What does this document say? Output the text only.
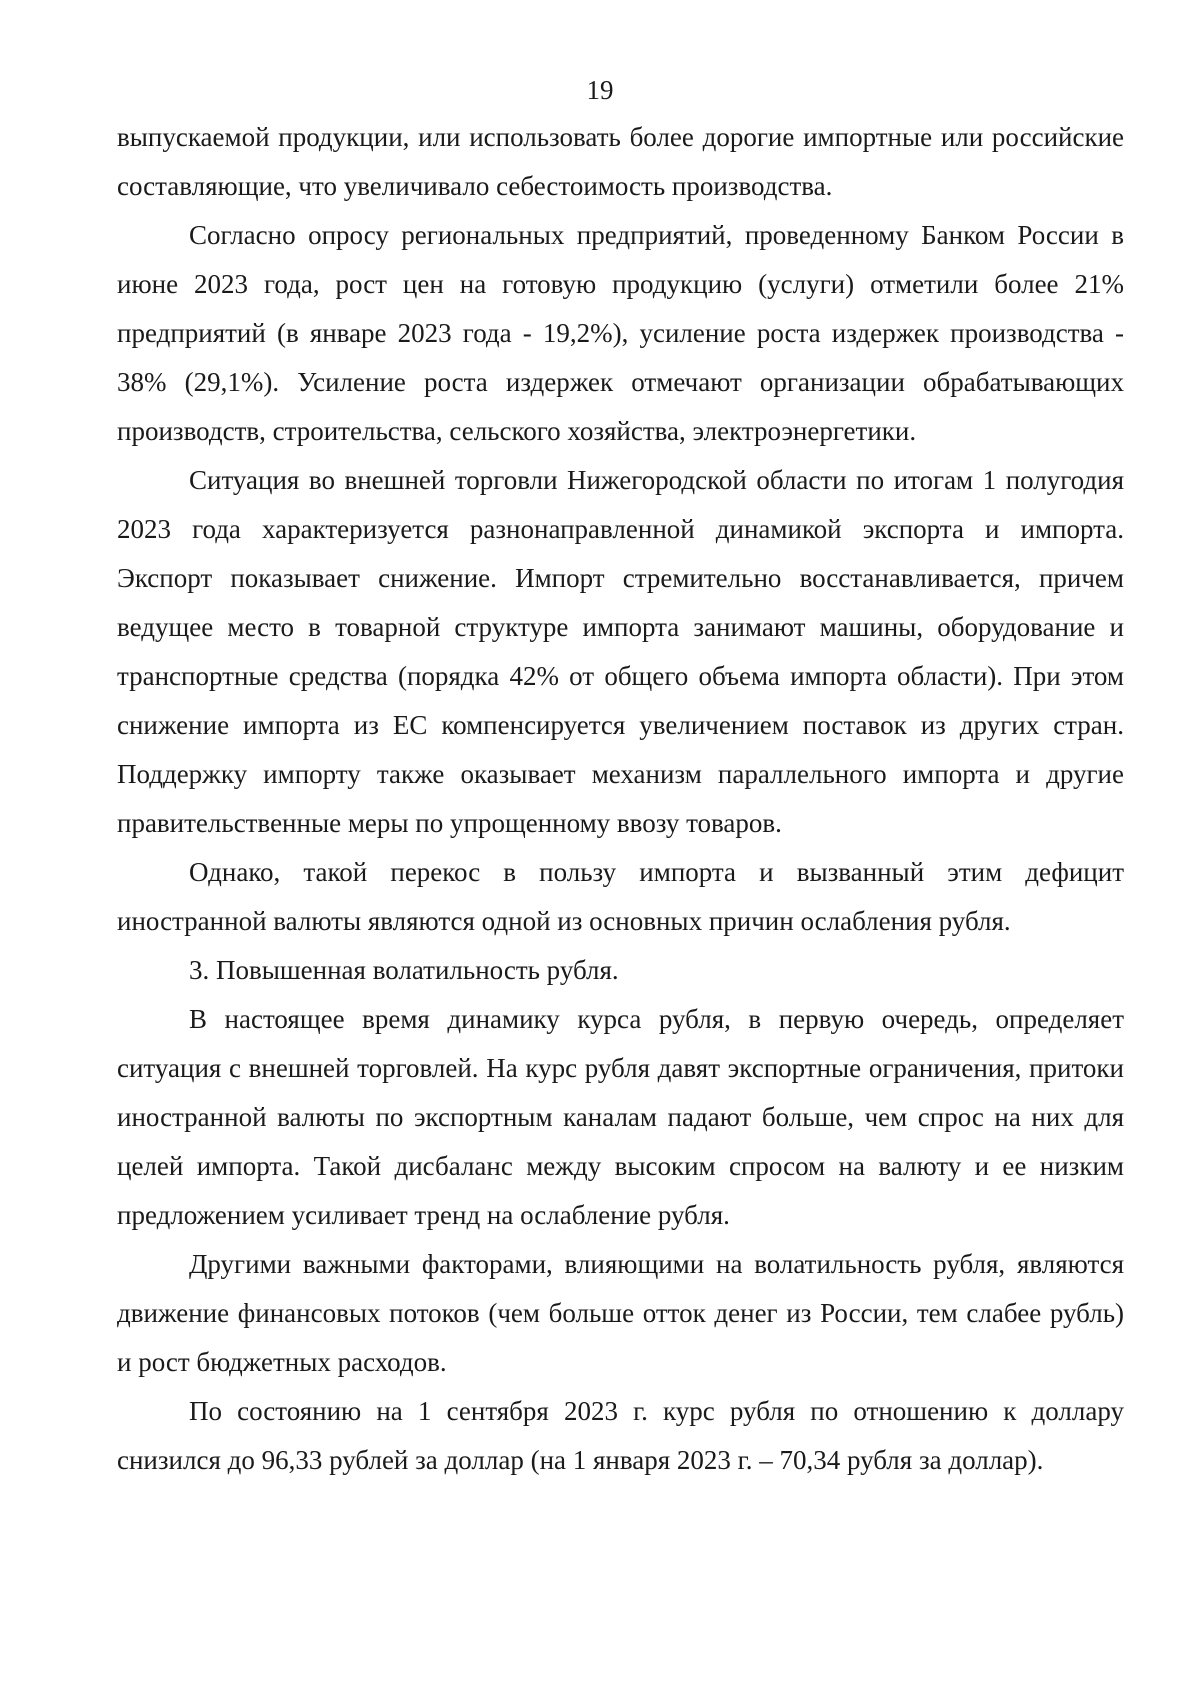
19

выпускаемой продукции, или использовать более дорогие импортные или российские составляющие, что увеличивало себестоимость производства.

Согласно опросу региональных предприятий, проведенному Банком России в июне 2023 года, рост цен на готовую продукцию (услуги) отметили более 21% предприятий (в январе 2023 года - 19,2%), усиление роста издержек производства - 38% (29,1%). Усиление роста издержек отмечают организации обрабатывающих производств, строительства, сельского хозяйства, электроэнергетики.

Ситуация во внешней торговли Нижегородской области по итогам 1 полугодия 2023 года характеризуется разнонаправленной динамикой экспорта и импорта. Экспорт показывает снижение. Импорт стремительно восстанавливается, причем ведущее место в товарной структуре импорта занимают машины, оборудование и транспортные средства (порядка 42% от общего объема импорта области). При этом снижение импорта из ЕС компенсируется увеличением поставок из других стран. Поддержку импорту также оказывает механизм параллельного импорта и другие правительственные меры по упрощенному ввозу товаров.

Однако, такой перекос в пользу импорта и вызванный этим дефицит иностранной валюты являются одной из основных причин ослабления рубля.

3. Повышенная волатильность рубля.

В настоящее время динамику курса рубля, в первую очередь, определяет ситуация с внешней торговлей. На курс рубля давят экспортные ограничения, притоки иностранной валюты по экспортным каналам падают больше, чем спрос на них для целей импорта. Такой дисбаланс между высоким спросом на валюту и ее низким предложением усиливает тренд на ослабление рубля.

Другими важными факторами, влияющими на волатильность рубля, являются движение финансовых потоков (чем больше отток денег из России, тем слабее рубль) и рост бюджетных расходов.

По состоянию на 1 сентября 2023 г. курс рубля по отношению к доллару снизился до 96,33 рублей за доллар (на 1 января 2023 г. – 70,34 рубля за доллар).
